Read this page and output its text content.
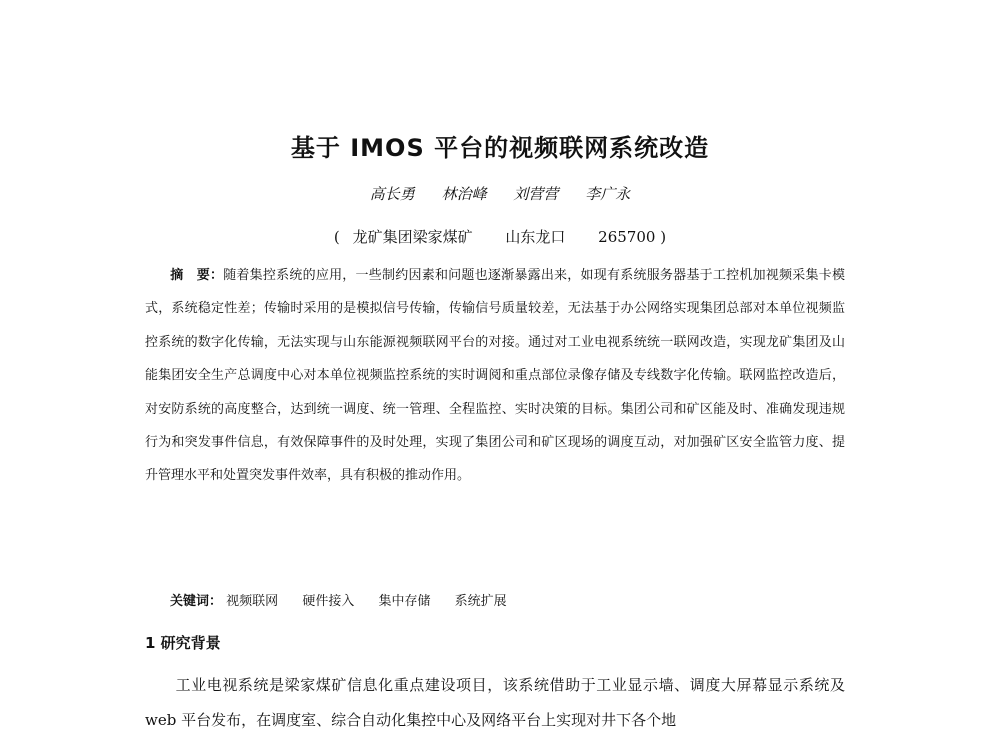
基于 IMOS 平台的视频联网系统改造
高长勇 林治峰 刘营营 李广永
( 龙矿集团梁家煤矿 山东龙口 265700 )
摘　要：随着集控系统的应用，一些制约因素和问题也逐渐暴露出来，如现有系统服务器基于工控机加视频采集卡模式，系统稳定性差；传输时采用的是模拟信号传输，传输信号质量较差，无法基于办公网络实现集团总部对本单位视频监控系统的数字化传输，无法实现与山东能源视频联网平台的对接。通过对工业电视系统统一联网改造，实现龙矿集团及山能集团安全生产总调度中心对本单位视频监控系统的实时调阅和重点部位录像存储及专线数字化传输。联网监控改造后，对安防系统的高度整合，达到统一调度、统一管理、全程监控、实时决策的目标。集团公司和矿区能及时、准确发现违规行为和突发事件信息，有效保障事件的及时处理，实现了集团公司和矿区现场的调度互动，对加强矿区安全监管力度、提升管理水平和处置突发事件效率，具有积极的推动作用。
关键词： 视频联网 硬件接入 集中存储 系统扩展
1 研究背景
工业电视系统是梁家煤矿信息化重点建设项目，该系统借助于工业显示墙、调度大屏幕显示系统及 web 平台发布，在调度室、综合自动化集控中心及网络平台上实现对井下各个地
